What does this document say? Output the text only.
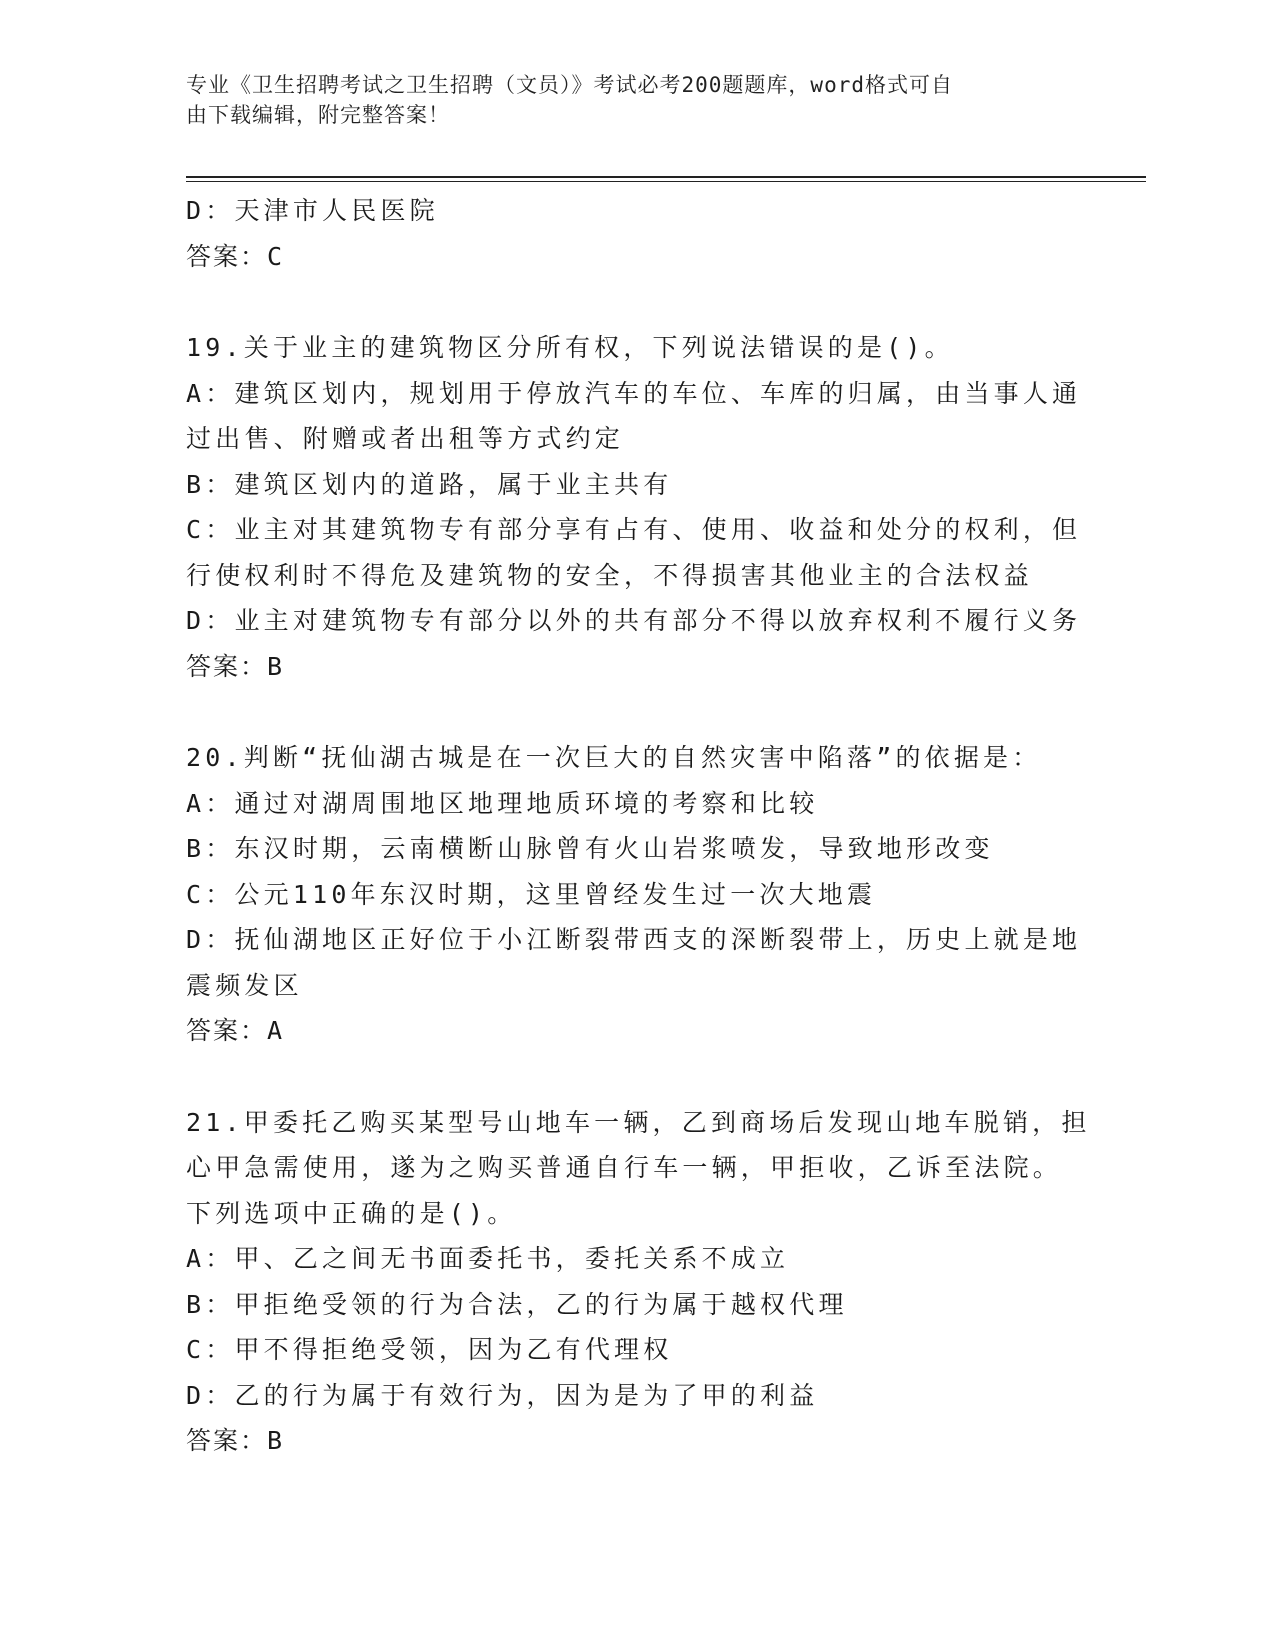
专业《卫生招聘考试之卫生招聘（文员）》考试必考200题题库，word格式可自
由下载编辑，附完整答案！
D：天津市人民医院
答案：C
19.关于业主的建筑物区分所有权，下列说法错误的是()。
A：建筑区划内，规划用于停放汽车的车位、车库的归属，由当事人通
过出售、附赠或者出租等方式约定
B：建筑区划内的道路，属于业主共有
C：业主对其建筑物专有部分享有占有、使用、收益和处分的权利，但
行使权利时不得危及建筑物的安全，不得损害其他业主的合法权益
D：业主对建筑物专有部分以外的共有部分不得以放弃权利不履行义务
答案：B
20.判断“抚仙湖古城是在一次巨大的自然灾害中陷落”的依据是：
A：通过对湖周围地区地理地质环境的考察和比较
B：东汉时期，云南横断山脉曾有火山岩浆喷发，导致地形改变
C：公元110年东汉时期，这里曾经发生过一次大地震
D：抚仙湖地区正好位于小江断裂带西支的深断裂带上，历史上就是地
震频发区
答案：A
21.甲委托乙购买某型号山地车一辆，乙到商场后发现山地车脱销，担
心甲急需使用，遂为之购买普通自行车一辆，甲拒收，乙诉至法院。
下列选项中正确的是()。
A：甲、乙之间无书面委托书，委托关系不成立
B：甲拒绝受领的行为合法，乙的行为属于越权代理
C：甲不得拒绝受领，因为乙有代理权
D：乙的行为属于有效行为，因为是为了甲的利益
答案：B
